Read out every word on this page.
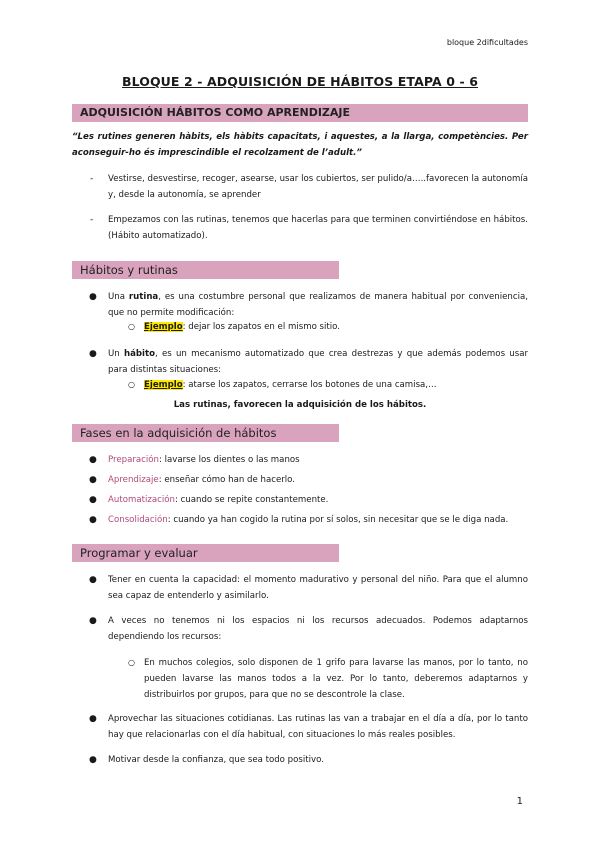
bloque 2dificultades
BLOQUE 2 - ADQUISICIÓN DE HÁBITOS ETAPA 0 - 6
ADQUISICIÓN HÁBITOS COMO APRENDIZAJE
“Les rutines generen hàbits, els hàbits capacitats, i aquestes, a la llarga, competències. Per aconseguir-ho és imprescindible el recolzament de l’adult.”
- Vestirse, desvestirse, recoger, asearse, usar los cubiertos, ser pulido/a…..favorecen la autonomía y, desde la autonomía, se aprender
- Empezamos con las rutinas, tenemos que hacerlas para que terminen convirtiéndose en hábitos. (Hábito automatizado).
Hábitos y rutinas
● Una rutina, es una costumbre personal que realizamos de manera habitual por conveniencia, que no permite modificación:
○ Ejemplo: dejar los zapatos en el mismo sitio.
● Un hábito, es un mecanismo automatizado que crea destrezas y que además podemos usar para distintas situaciones:
○ Ejemplo: atarse los zapatos, cerrarse los botones de una camisa,…
Las rutinas, favorecen la adquisición de los hábitos.
Fases en la adquisición de hábitos
● Preparación: lavarse los dientes o las manos
● Aprendizaje: enseñar cómo han de hacerlo.
● Automatización: cuando se repite constantemente.
● Consolidación: cuando ya han cogido la rutina por sí solos, sin necesitar que se le diga nada.
Programar y evaluar
● Tener en cuenta la capacidad: el momento madurativo y personal del niño. Para que el alumno sea capaz de entenderlo y asimilarlo.
● A veces no tenemos ni los espacios ni los recursos adecuados. Podemos adaptarnos dependiendo los recursos:
○ En muchos colegios, solo disponen de 1 grifo para lavarse las manos, por lo tanto, no pueden lavarse las manos todos a la vez. Por lo tanto, deberemos adaptarnos y distribuirlos por grupos, para que no se descontrole la clase.
● Aprovechar las situaciones cotidianas. Las rutinas las van a trabajar en el día a día, por lo tanto hay que relacionarlas con el día habitual, con situaciones lo más reales posibles.
● Motivar desde la confianza, que sea todo positivo.
1
